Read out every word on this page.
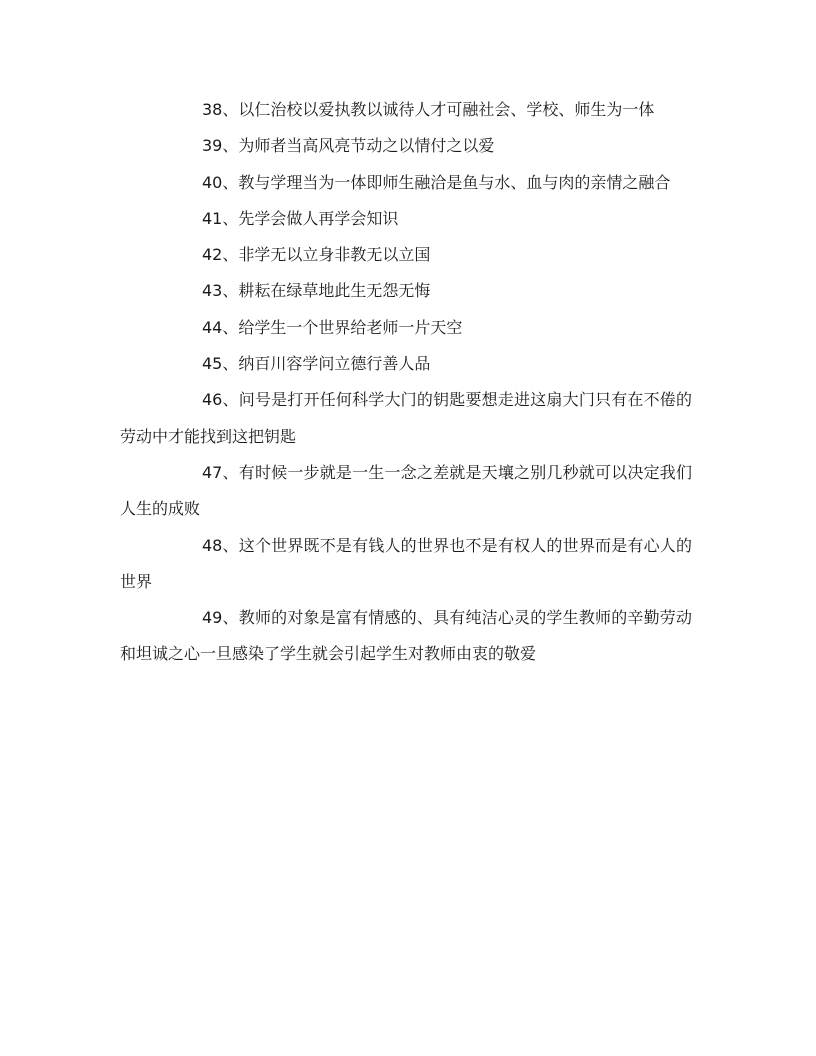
38、以仁治校以爱执教以诚待人才可融社会、学校、师生为一体

39、为师者当高风亮节动之以情付之以爱

40、教与学理当为一体即师生融洽是鱼与水、血与肉的亲情之融合

41、先学会做人再学会知识

42、非学无以立身非教无以立国

43、耕耘在绿草地此生无怨无悔

44、给学生一个世界给老师一片天空

45、纳百川容学问立德行善人品

46、问号是打开任何科学大门的钥匙要想走进这扇大门只有在不倦的劳动中才能找到这把钥匙

47、有时候一步就是一生一念之差就是天壤之别几秒就可以决定我们人生的成败

48、这个世界既不是有钱人的世界也不是有权人的世界而是有心人的世界

49、教师的对象是富有情感的、具有纯洁心灵的学生教师的辛勤劳动和坦诚之心一旦感染了学生就会引起学生对教师由衷的敬爱
